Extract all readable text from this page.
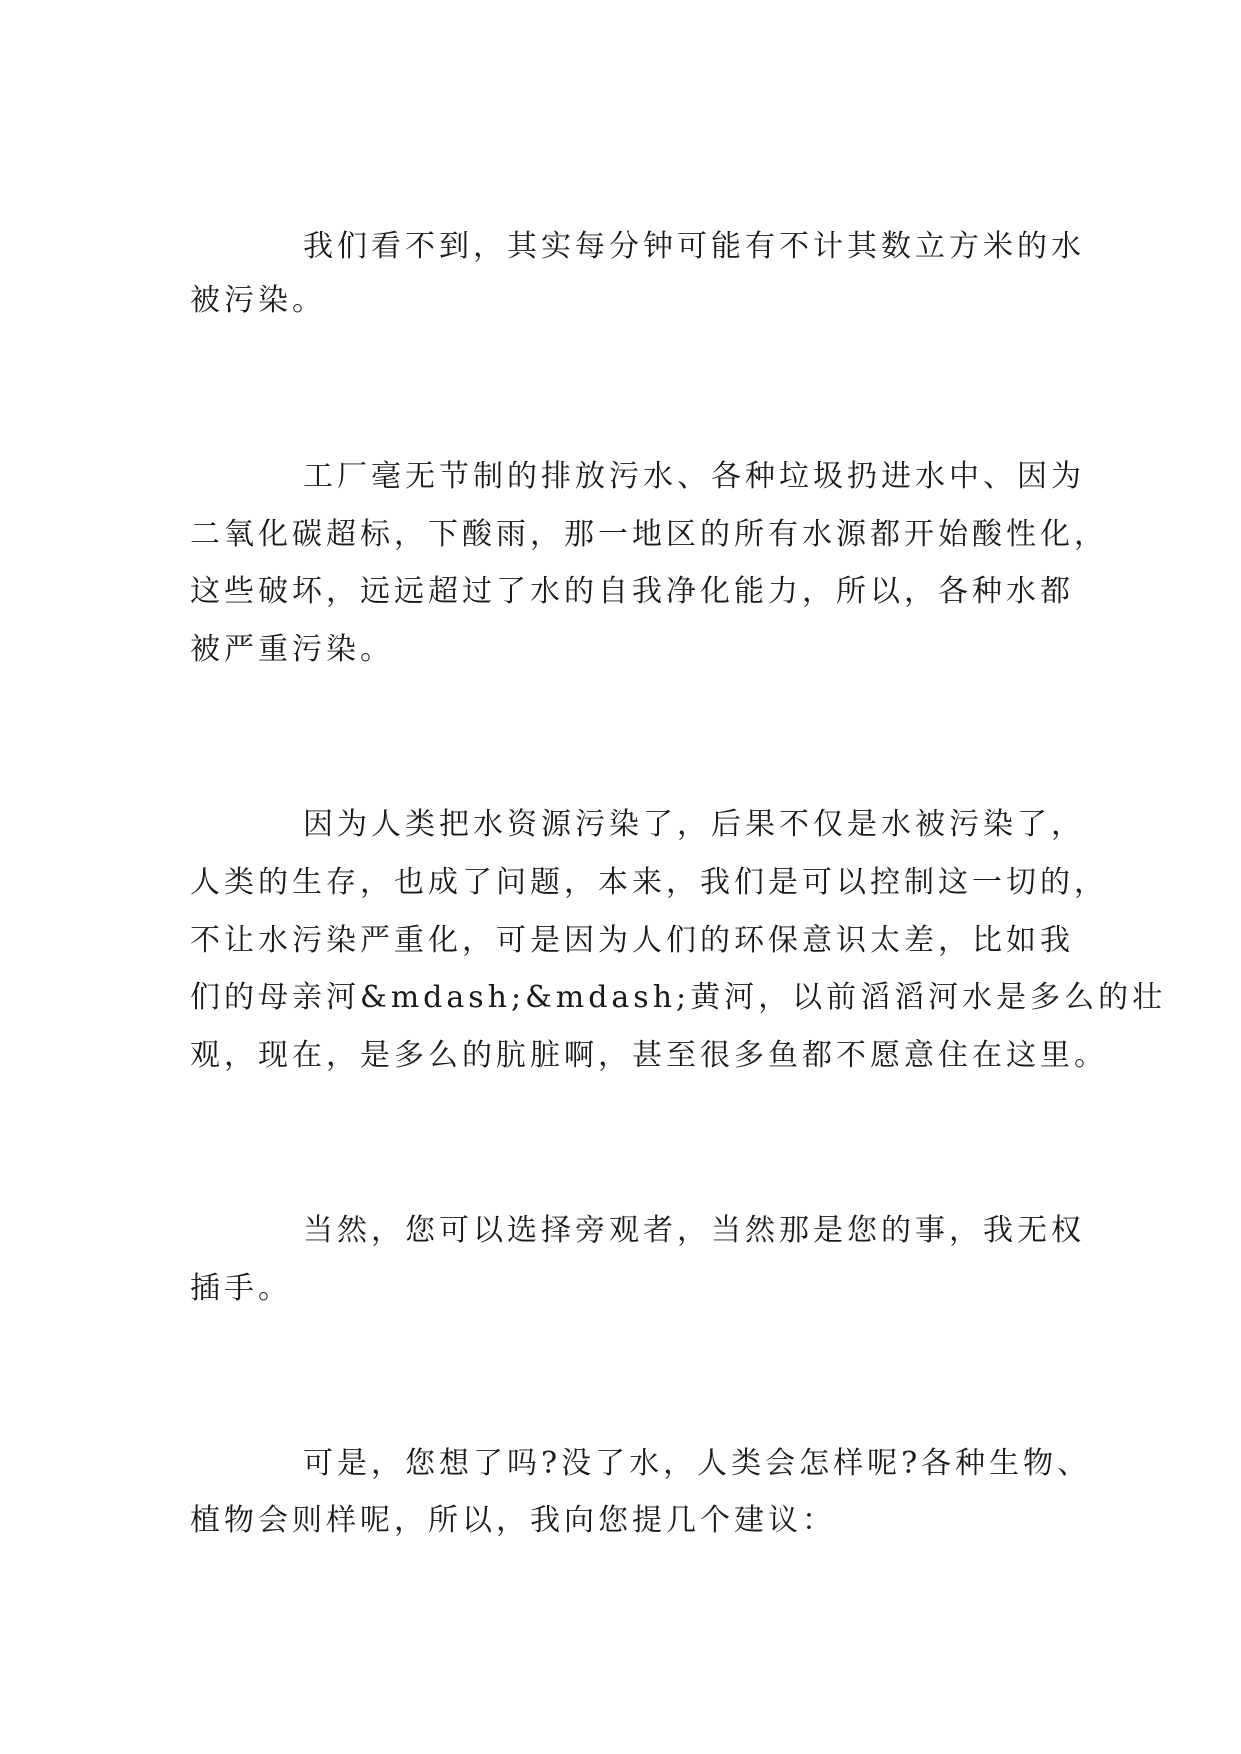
我们看不到，其实每分钟可能有不计其数立方米的水
被污染。
工厂毫无节制的排放污水、各种垃圾扔进水中、因为
二氧化碳超标，下酸雨，那一地区的所有水源都开始酸性化，
这些破坏，远远超过了水的自我净化能力，所以，各种水都
被严重污染。
因为人类把水资源污染了，后果不仅是水被污染了，
人类的生存，也成了问题，本来，我们是可以控制这一切的，
不让水污染严重化，可是因为人们的环保意识太差，比如我
们的母亲河&mdash;&mdash;黄河，以前滔滔河水是多么的壮
观，现在，是多么的肮脏啊，甚至很多鱼都不愿意住在这里。
当然，您可以选择旁观者，当然那是您的事，我无权
插手。
可是，您想了吗?没了水，人类会怎样呢?各种生物、
植物会则样呢，所以，我向您提几个建议：
